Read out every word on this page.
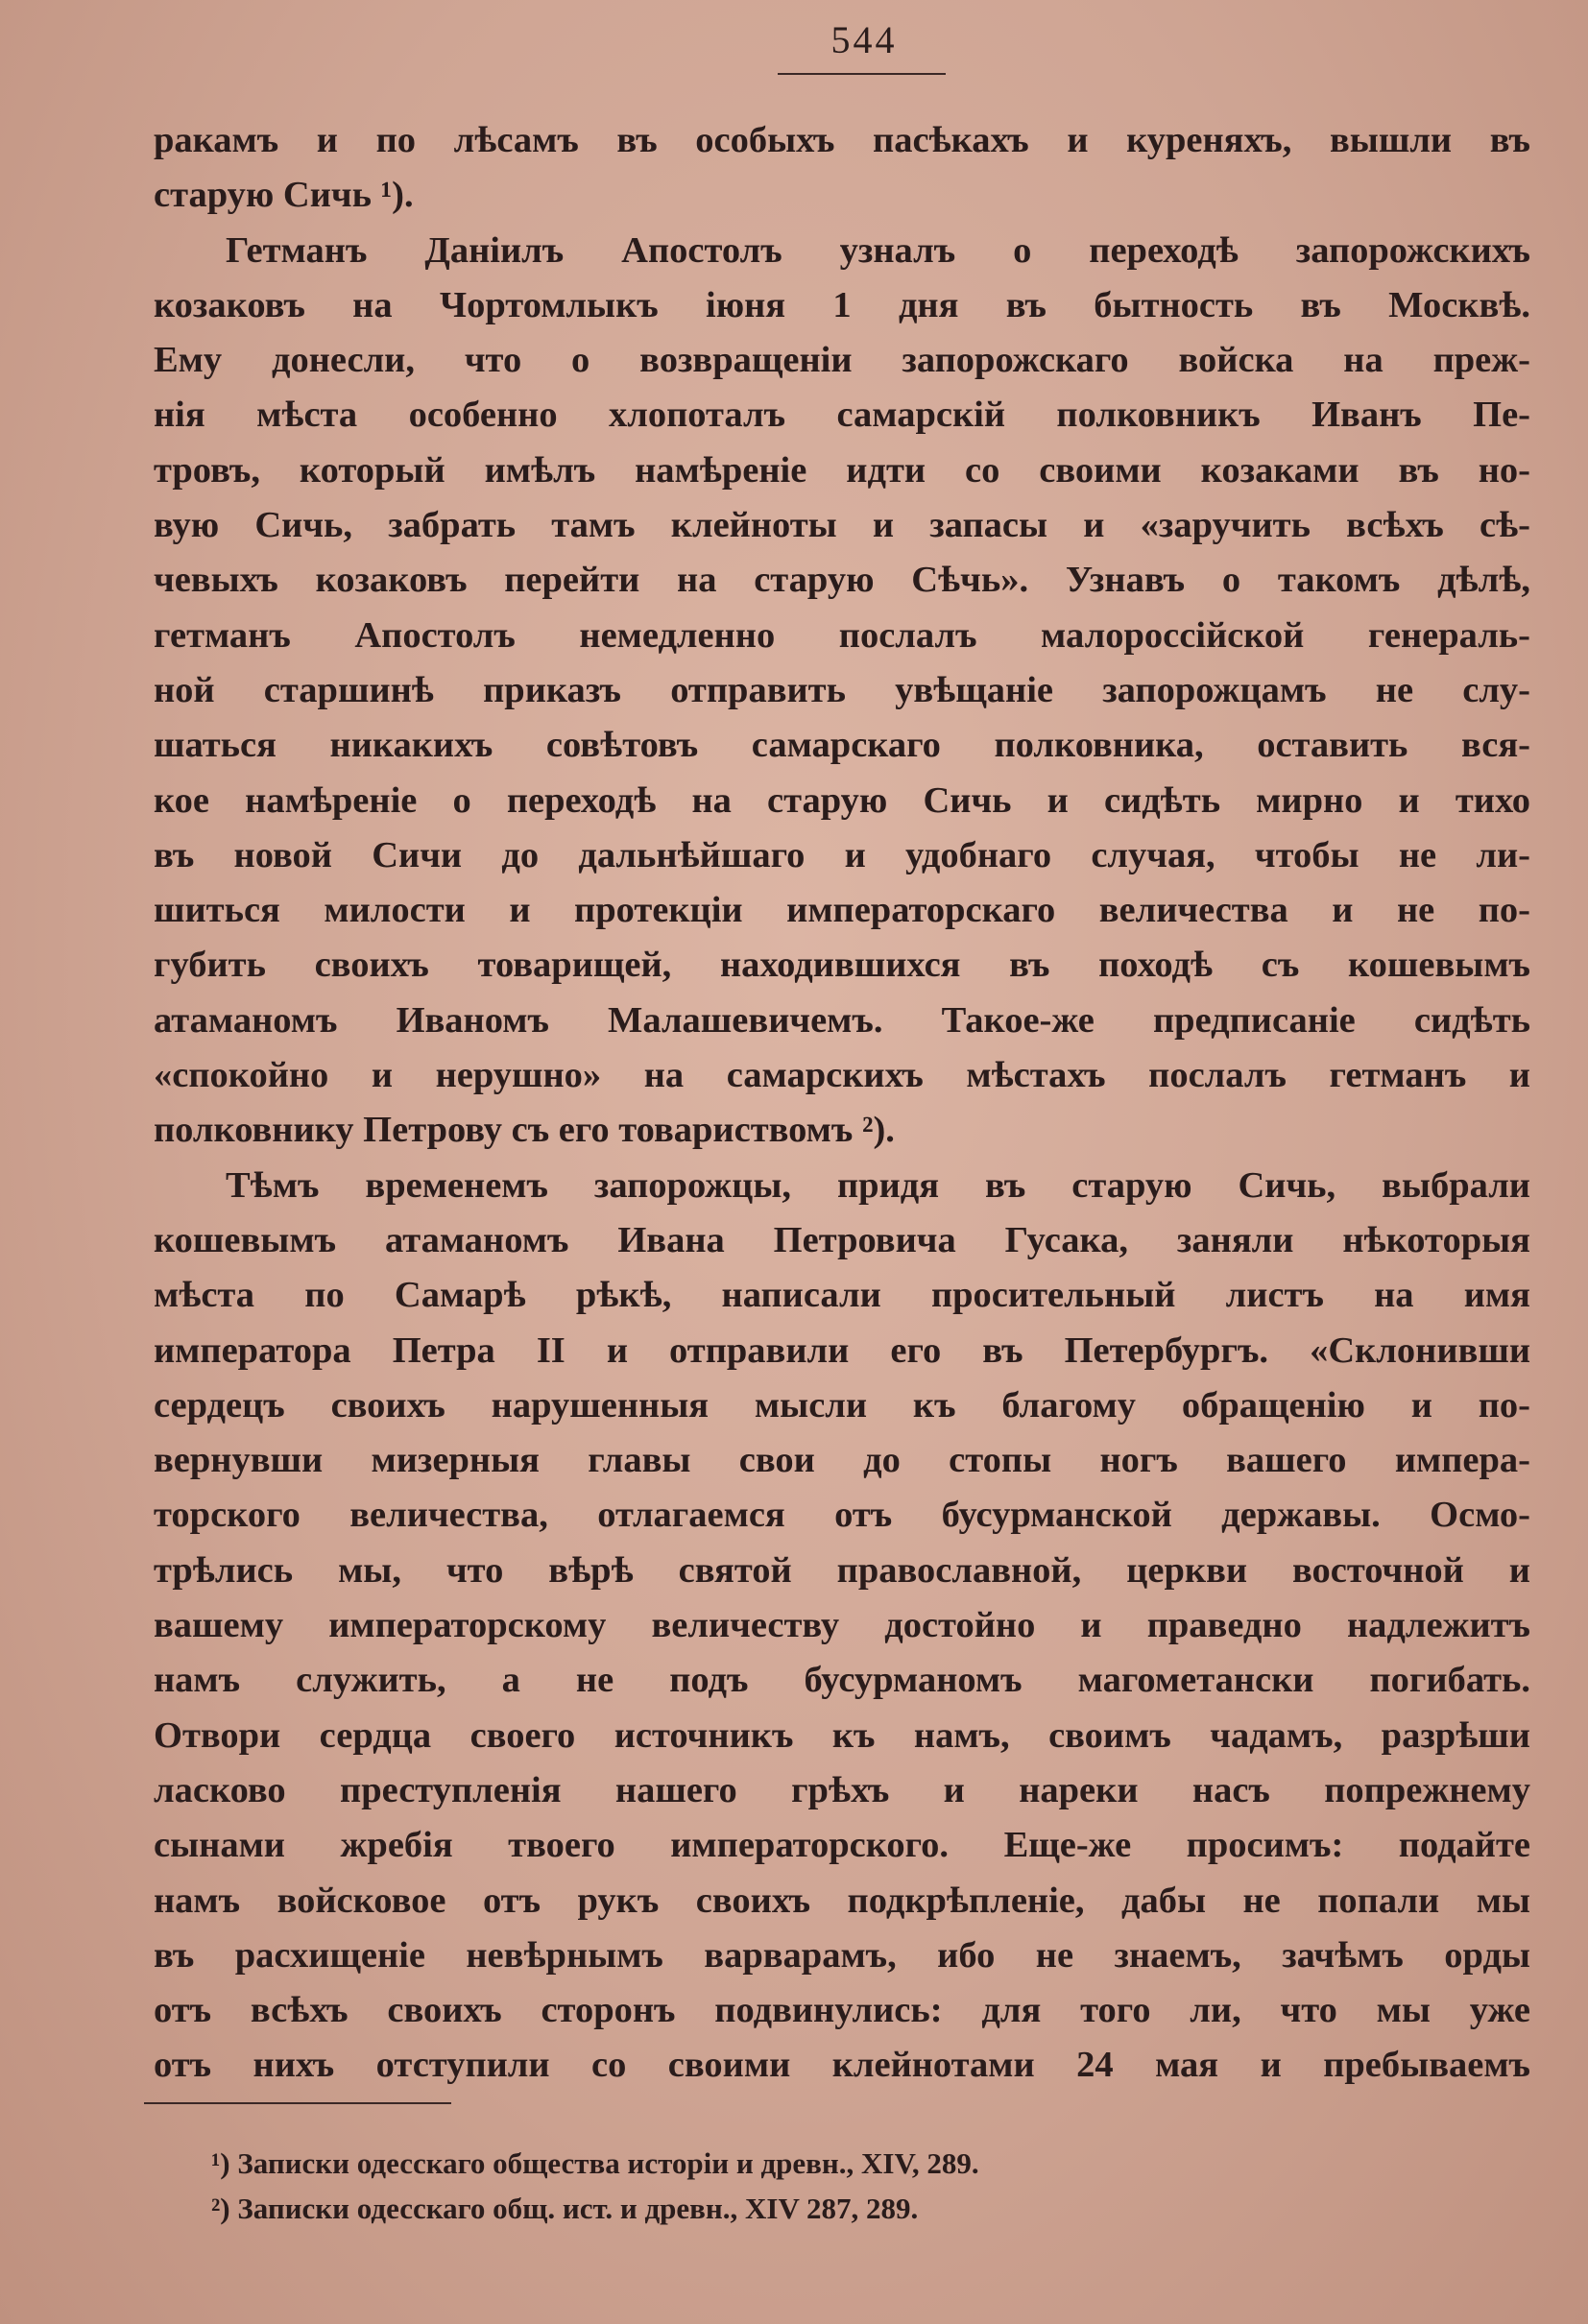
544
ракамъ и по лѣсамъ въ особыхъ пасѣкахъ и куреняхъ, вышли въ
старую Сичь ¹).
Гетманъ Даніилъ Апостолъ узналъ о переходѣ запорожскихъ
козаковъ на Чортомлыкъ іюня 1 дня въ бытность въ Москвѣ.
Ему донесли, что о возвращеніи запорожскаго войска на преж-
нія мѣста особенно хлопоталъ самарскій полковникъ Иванъ Пе-
тровъ, который имѣлъ намѣреніе идти со своими козаками въ но-
вую Сичь, забрать тамъ клейноты и запасы и «заручить всѣхъ сѣ-
чевыхъ козаковъ перейти на старую Сѣчь». Узнавъ о такомъ дѣлѣ,
гетманъ Апостолъ немедленно послалъ малороссійской генераль-
ной старшинѣ приказъ отправить увѣщаніе запорожцамъ не слу-
шаться никакихъ совѣтовъ самарскаго полковника, оставить вся-
кое намѣреніе о переходѣ на старую Сичь и сидѣть мирно и тихо
въ новой Сичи до дальнѣйшаго и удобнаго случая, чтобы не ли-
шиться милости и протекціи императорскаго величества и не по-
губить своихъ товарищей, находившихся въ походѣ съ кошевымъ
атаманомъ Иваномъ Малашевичемъ. Такое-же предписаніе сидѣть
«спокойно и нерушно» на самарскихъ мѣстахъ послалъ гетманъ и
полковнику Петрову съ его товариствомъ ²).
Тѣмъ временемъ запорожцы, придя въ старую Сичь, выбрали
кошевымъ атаманомъ Ивана Петровича Гусака, заняли нѣкоторыя
мѣста по Самарѣ рѣкѣ, написали просительный листъ на имя
императора Петра II и отправили его въ Петербургъ. «Склонивши
сердецъ своихъ нарушенныя мысли къ благому обращенію и по-
вернувши мизерныя главы свои до стопы ногъ вашего импера-
торского величества, отлагаемся отъ бусурманской державы. Осмо-
трѣлись мы, что вѣрѣ святой православной, церкви восточной и
вашему императорскому величеству достойно и праведно надлежитъ
намъ служить, а не подъ бусурманомъ магометански погибать.
Отвори сердца своего источникъ къ намъ, своимъ чадамъ, разрѣши
ласково преступленія нашего грѣхъ и нареки насъ попрежнему
сынами жребія твоего императорского. Еще-же просимъ: подайте
намъ войсковое отъ рукъ своихъ подкрѣпленіе, дабы не попали мы
въ расхищеніе невѣрнымъ варварамъ, ибо не знаемъ, зачѣмъ орды
отъ всѣхъ своихъ сторонъ подвинулись: для того ли, что мы уже
отъ нихъ отступили со своими клейнотами 24 мая и пребываемъ
¹) Записки одесскаго общества исторіи и древн., XIV, 289.
²) Записки одесскаго общ. ист. и древн., XIV 287, 289.
